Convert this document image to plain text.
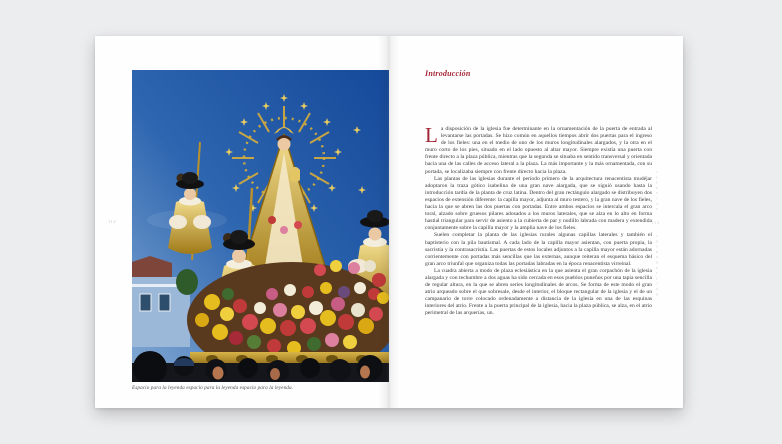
112
Espacio para la leyenda espacio para la leyenda espacio para la leyenda.
Introducción

La disposición de la iglesia fue determinante en la ornamentación de la puerta de entrada al levantarse las portadas. Se hizo común en aquellos tiempos abrir dos puertas para el ingreso de los fieles: una en el medio de uno de los muros longitudinales alargados, y la otra en el muro corto de los pies, situado en el lado opuesto al altar mayor. Siempre existía una puerta con frente directo a la plaza pública, mientras que la segunda se situaba en sentido transversal y orientada hacia una de las calles de acceso lateral a la plaza. La más importante y la más ornamentada, con su portada, se localizaba siempre con frente directo hacia la plaza.

Las plantas de las iglesias durante el período primero de la arquitectura renacentista mudéjar adoptaron la traza gótico isabelina de una gran nave alargada, que se siguió usando hasta la introducción tardía de la planta de cruz latina. Dentro del gran rectángulo alargado se distribuyen dos espacios de extensión diferente: la capilla mayor, adjunta al muro testero, y la gran nave de los fieles, hacia la que se abren las dos puertas con portadas. Entre ambos espacios se intercala el gran arco toral, alzado sobre gruesos pilares adosados a los muros laterales, que se alza en lo alto en forma hastial triangular para servir de asiento a la cubierta de par y nudillo labrada con madera y extendida conjuntamente sobre la capilla mayor y la amplia nave de los fieles.

Suelen completar la planta de las iglesias rurales algunas capillas laterales y también el baptisterio con la pila bautismal. A cada lado de la capilla mayor asientan, con puerta propia, la sacristía y la contrasacristía. Las puertas de estos locales adjuntos a la capilla mayor están adornadas corrientemente con portadas más sencillas que las externas, aunque reiteran el esquema básico del gran arco triunfal que organiza todas las portadas labradas en la época renacentista virreinal.

La cuadra abierta a modo de plaza eclesiástica en la que asienta el gran corpachón de la iglesia alargada y con techumbre a dos aguas ha sido cercada en esos pueblos puneños por una tapia sencilla de regular altura, en la que se abren series longitudinales de arcos. Se forma de este modo el gran atrio arqueado sobre el que sobresale, desde el interior, el bloque rectangular de la iglesia y el de un campanario de torre colocado ordenadamente a distancia de la iglesia en una de las esquinas interiores del atrio. Frente a la puerta principal de la iglesia, hacia la plaza pública, se alza, en el atrio perimetral de las arquerías, un.

IGLESIAS
· 113 ·
INTRODUCCIÓN
